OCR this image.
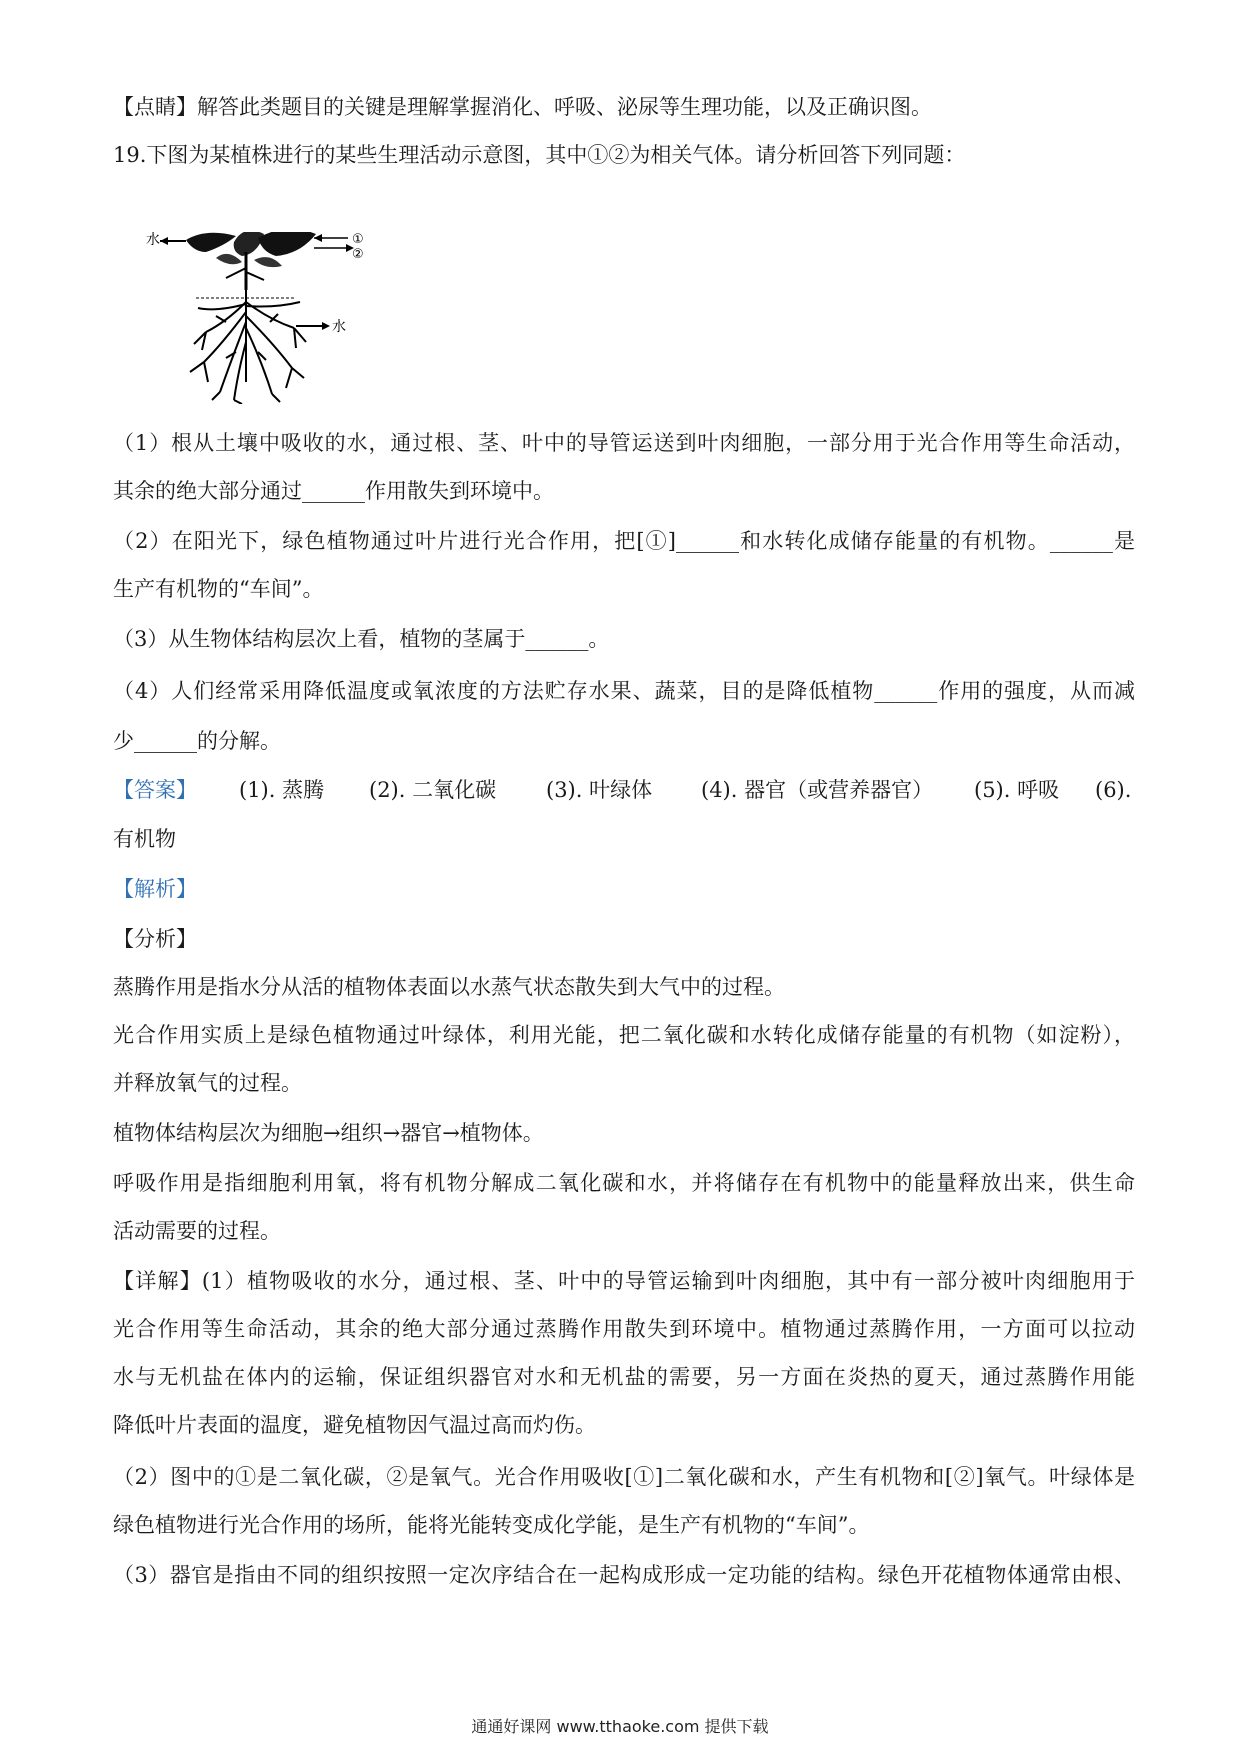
【点睛】解答此类题目的关键是理解掌握消化、呼吸、泌尿等生理功能，以及正确识图。
19.下图为某植株进行的某些生理活动示意图，其中①②为相关气体。请分析回答下列同题：
水	①
②
水
（1）根从土壤中吸收的水，通过根、茎、叶中的导管运送到叶肉细胞，一部分用于光合作用等生命活动，
其余的绝大部分通过______作用散失到环境中。
（2）在阳光下，绿色植物通过叶片进行光合作用，把[①]______和水转化成储存能量的有机物。______是
生产有机物的“车间”。
（3）从生物体结构层次上看，植物的茎属于______。
（4）人们经常采用降低温度或氧浓度的方法贮存水果、蔬菜，目的是降低植物______作用的强度，从而减
少______的分解。
【答案】 (1). 蒸腾 (2). 二氧化碳 (3). 叶绿体 (4). 器官（或营养器官） (5). 呼吸 (6).
有机物
【解析】
【分析】
蒸腾作用是指水分从活的植物体表面以水蒸气状态散失到大气中的过程。
光合作用实质上是绿色植物通过叶绿体，利用光能，把二氧化碳和水转化成储存能量的有机物（如淀粉），
并释放氧气的过程。
植物体结构层次为细胞→组织→器官→植物体。
呼吸作用是指细胞利用氧，将有机物分解成二氧化碳和水，并将储存在有机物中的能量释放出来，供生命
活动需要的过程。
【详解】(1）植物吸收的水分，通过根、茎、叶中的导管运输到叶肉细胞，其中有一部分被叶肉细胞用于
光合作用等生命活动，其余的绝大部分通过蒸腾作用散失到环境中。植物通过蒸腾作用，一方面可以拉动
水与无机盐在体内的运输，保证组织器官对水和无机盐的需要，另一方面在炎热的夏天，通过蒸腾作用能
降低叶片表面的温度，避免植物因气温过高而灼伤。
（2）图中的①是二氧化碳，②是氧气。光合作用吸收[①]二氧化碳和水，产生有机物和[②]氧气。叶绿体是
绿色植物进行光合作用的场所，能将光能转变成化学能，是生产有机物的“车间”。
（3）器官是指由不同的组织按照一定次序结合在一起构成形成一定功能的结构。绿色开花植物体通常由根、
通通好课网 www.tthaoke.com 提供下载
